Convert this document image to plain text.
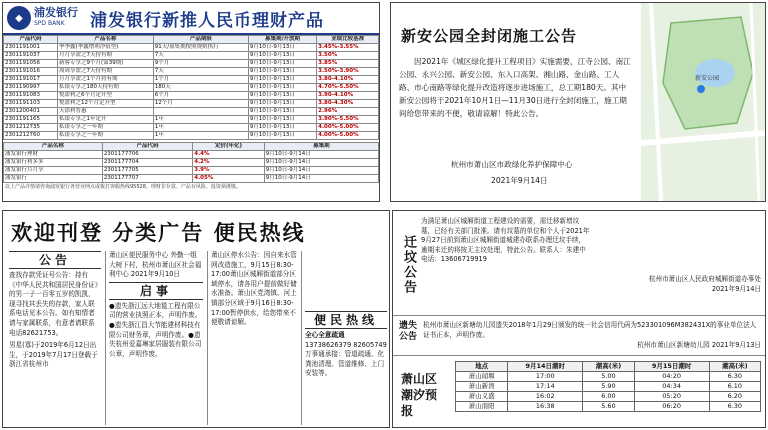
◆	浦发银行
SPD BANK	浦发银行新推人民币理财产品
产品代码	产品名称	产品期限	募集期/开放期	业绩比较基准
2301191001	季季鑫(季鑫增利净值型)	91天/募集期按照规则执行	9月10日-9月13日	3.45%-3.55%
2301191037	月月享盈之7天持有期	7天	9月10日-9月13日	3.50%
2301191056	新客专享之9个月(第39期)	9个月	9月10日-9月13日	3.85%
2301191016	周周享盈之7天持有期	7天	9月10日-9月13日	3.50%-3.90%
2301191017	月月享盈之1个月持有期	1个月	9月10日-9月13日	3.80-4.10%
2301190997	私银专享之180天持有期	180天	9月10日-9月13日	4.70%-5.50%
2301191083	悦盈利之6个月定开型	6个月	9月10日-9月13日	3.90-4.10%
2301191103	悦盈利之12个月定开型	12个月	9月10日-9月13日	3.80-4.30%
2301200401	天添利普惠		9月10日-9月13日	2.96%
2301191165	私银专享之1年定开	1年	9月10日-9月13日	3.90%-5.50%
2301212735	私银专享之一年期	1年	9月10日-9月13日	4.00%-5.00%
2301212760	私银专享之一年期	1年	9月10日-9月13日	4.00%-5.00%
产品名称	产品代码	定价(年化)	募集期
浦发银行理财	2301177706	4.4%	9月10日-9月14日
浦发银行利多多	2301177704	4.2%	9月10日-9月14日
浦发银行月月享	2301177705	3.9%	9月10日-9月14日
浦发银行	2301177707	4.05%	9月10日-9月14日
以上产品详情请咨询浦发银行各营业网点或拨打客服热线95528。理财非存款、产品有风险、投资须谨慎。
新安公园全封闭施工公告
因2021年《城区绿化提升工程项目》实施需要，江寺公园、南江公园、永兴公园、新安公园、东入口高架、湘山路、金山路、工人路、市心南路等绿化提升改造将逐步进场施工，总工期180天。其中新安公园将于2021年10月1日—11月30日进行全封闭施工，施工期间给您带来的不便，敬请谅解！特此公告。
杭州市萧山区市政绿化养护保障中心
2021年9月14日
新安公园
欢迎刊登 分类广告 便民热线
公告
查找存款凭证号公告：持有《中华人民共和国居民身份证》的男一子一百零五岁的凯凯，现寻找其丢失的存款，家人联系电话见本公告。如有知情者请与家属联系，有意者请联系电话82621753。
男星(寡)于2019年6月12日出生，于2019年7月17日登载于浙江省杭州市
萧山区便民服务中心 外勤一组大树下村，杭州市萧山区社会福利中心 2021年9月10日
启事
●遗失浙江远大地毯工程有限公司的营业执照正本，声明作废。●遗失浙江昌大节能建材科技有限公司财务章，声明作废。●遗失杭州爱嘉琳家居服装有限公司公章，声明作废。
萧山区停水公告：因自来水管网改造施工，9月15日8:30-17:00萧山区城厢街道部分区域停水，请各用户提前做好储水准备。萧山区党湾镇、河上镇部分区域于9月16日8:30-17:00暂停供水，给您带来不便敬请谅解。	便民热线
全心全意疏通
13738626379 82605749
万事通承接：管道疏通、化粪池清理、管道维修、上门安装等。
迁坟公告
为满足萧山区城厢街道工程建设的需要，需迁移新增坟墓，已经有关部门批准。请有坟墓的单位和个人于2021年9月27日前到萧山区城厢街道城建办联系办理迁坟手续，逾期未迁的将按无主坟处理，特此公告。联系人：朱建中 电话：13606719919
杭州市萧山区人民政府城厢街道办事处
2021年9月14日
遗失公告
杭州市萧山区新塘幼儿园遗失2018年1月29日颁发的统一社会信用代码为523301096M382431X的事业单位法人证书正本，声明作废。
杭州市萧山区新塘幼儿园 2021年9月13日
萧山区潮汐预报
地点	9月14日潮时	潮高(米)	9月15日潮时	潮高(米)
萧山闻堰	17:00	5.00	04:20	6.30
萧山新湾	17:14	5.90	04:34	6.10
萧山义盛	16:02	6.00	05:20	6.20
萧山南阳	16:38	5.60	06:20	6.30
